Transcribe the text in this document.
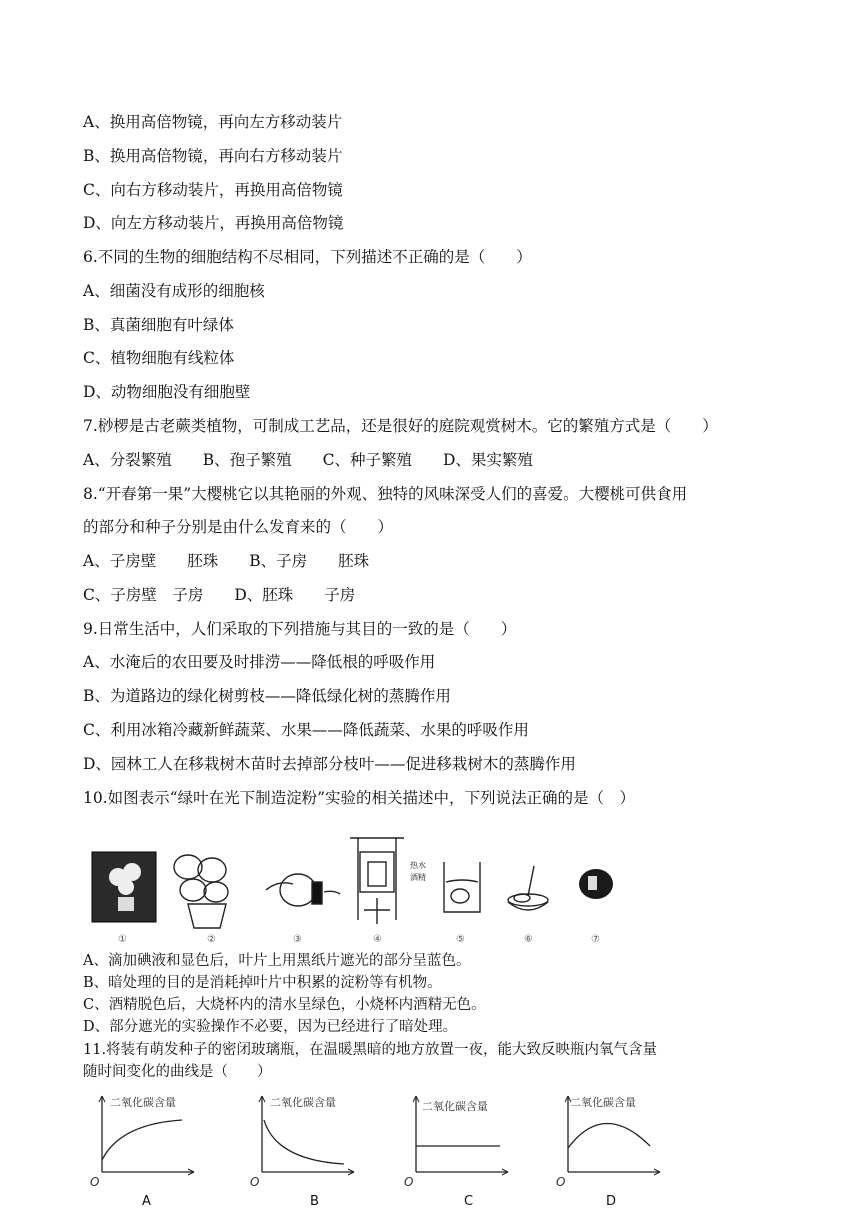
A、换用高倍物镜，再向左方移动装片
B、换用高倍物镜，再向右方移动装片
C、向右方移动装片，再换用高倍物镜
D、向左方移动装片，再换用高倍物镜
6.不同的生物的细胞结构不尽相同，下列描述不正确的是（　　）
A、细菌没有成形的细胞核
B、真菌细胞有叶绿体
C、植物细胞有线粒体
D、动物细胞没有细胞壁
7.桫椤是古老蕨类植物，可制成工艺品，还是很好的庭院观赏树木。它的繁殖方式是（　　）
A、分裂繁殖　　B、孢子繁殖　　C、种子繁殖　　D、果实繁殖
8.“开春第一果”大樱桃它以其艳丽的外观、独特的风味深受人们的喜爱。大樱桃可供食用
的部分和种子分别是由什么发育来的（　　）
A、子房壁　　胚珠　　B、子房　　胚珠
C、子房壁　子房　　D、胚珠　　子房
9.日常生活中，人们采取的下列措施与其目的一致的是（　　）
A、水淹后的农田要及时排涝——降低根的呼吸作用
B、为道路边的绿化树剪枝——降低绿化树的蒸腾作用
C、利用冰箱冷藏新鲜蔬菜、水果——降低蔬菜、水果的呼吸作用
D、园林工人在移栽树木苗时去掉部分枝叶——促进移栽树木的蒸腾作用
10.如图表示“绿叶在光下制造淀粉”实验的相关描述中，下列说法正确的是（　）
热水
酒精
①	②	③	④	⑤	⑥	⑦
A、滴加碘液和显色后，叶片上用黑纸片遮光的部分呈蓝色。
B、暗处理的目的是消耗掉叶片中积累的淀粉等有机物。
C、酒精脱色后，大烧杯内的清水呈绿色，小烧杯内酒精无色。
D、部分遮光的实验操作不必要，因为已经进行了暗处理。
11.将装有萌发种子的密闭玻璃瓶，在温暖黑暗的地方放置一夜，能大致反映瓶内氧气含量
随时间变化的曲线是（　　）
二氧化碳含量
O
A
二氧化碳含量
O
B
二氧化碳含量
O
C
二氧化碳含量
O
D
